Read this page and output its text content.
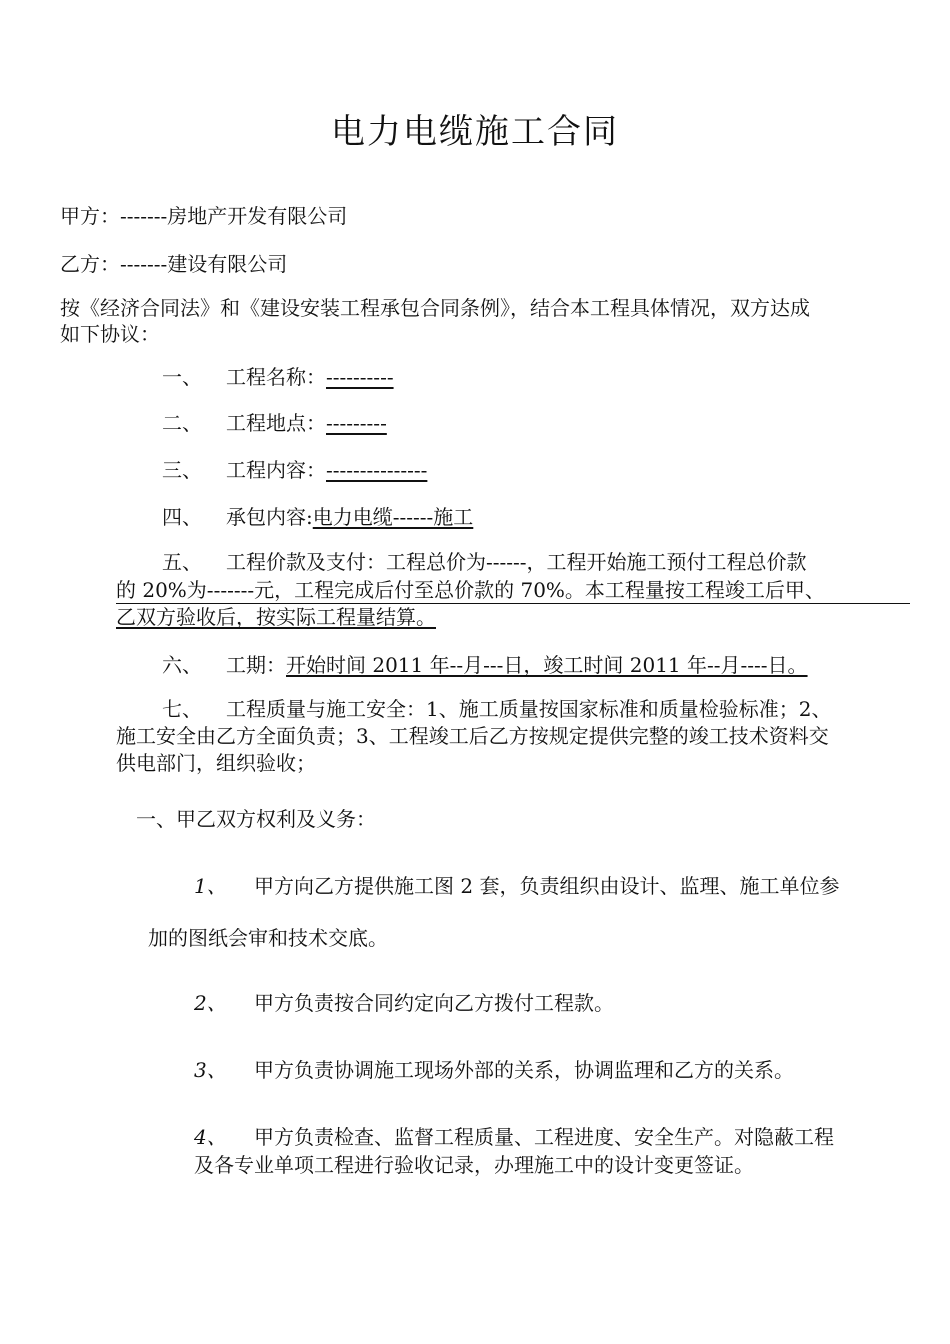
电力电缆施工合同
甲方：-------房地产开发有限公司
乙方：-------建设有限公司
按《经济合同法》和《建设安装工程承包合同条例》，结合本工程具体情况，双方达成
如下协议：
一、 工程名称：----------
二、 工程地点：---------
三、 工程内容：---------------
四、 承包内容:电力电缆------施工
五、 工程价款及支付：工程总价为------，工程开始施工预付工程总价款
的 20%为-------元，工程完成后付至总价款的 70%。本工程量按工程竣工后甲、
乙双方验收后，按实际工程量结算。
六、 工期：开始时间 2011 年--月---日，竣工时间 2011 年--月----日。
七、 工程质量与施工安全：1、施工质量按国家标准和质量检验标准；2、
施工安全由乙方全面负责；3、工程竣工后乙方按规定提供完整的竣工技术资料交
供电部门，组织验收；
一、甲乙双方权利及义务：
1、 甲方向乙方提供施工图 2 套，负责组织由设计、监理、施工单位参
加的图纸会审和技术交底。
2、 甲方负责按合同约定向乙方拨付工程款。
3、 甲方负责协调施工现场外部的关系，协调监理和乙方的关系。
4、 甲方负责检查、监督工程质量、工程进度、安全生产。对隐蔽工程
及各专业单项工程进行验收记录，办理施工中的设计变更签证。
